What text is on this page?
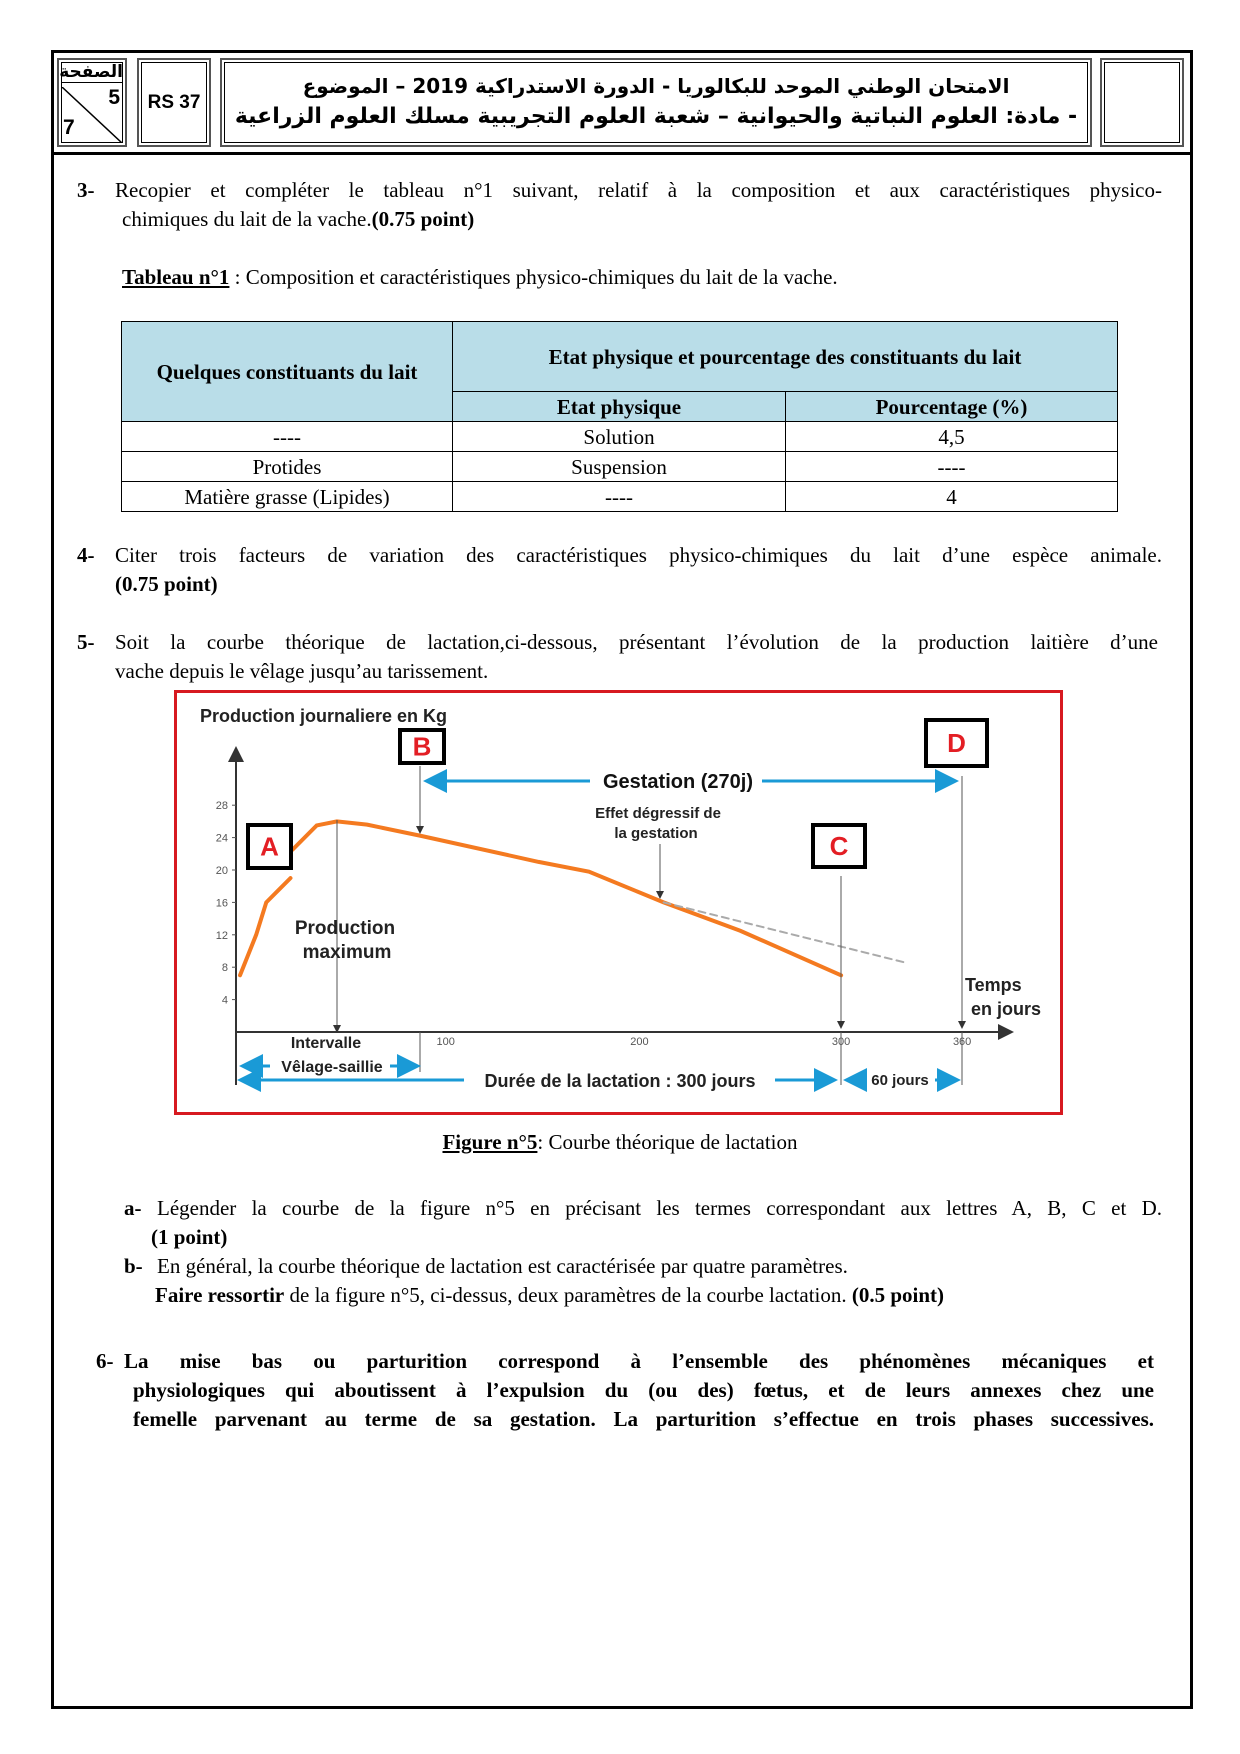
الصفحة
5
7
RS 37
الامتحان الوطني الموحد للبكالوريا - الدورة الاستدراكية 2019 – الموضوع
- مادة: العلوم النباتية والحيوانية – شعبة العلوم التجريبية مسلك العلوم الزراعية
3- Recopier et compléter le tableau n°1 suivant, relatif à la composition et aux caractéristiques physico-
chimiques du lait de la vache.(0.75 point)
Tableau n°1 : Composition et caractéristiques physico-chimiques du lait de la vache.
Quelques constituants du lait	Etat physique et pourcentage des constituants du lait	
	Etat physique	Pourcentage (%)
----	Solution	4,5
Protides	Suspension	----
Matière grasse (Lipides)	----	4
4- Citer trois facteurs de variation des caractéristiques physico-chimiques du lait d’une espèce animale.
(0.75 point)
5- Soit la courbe théorique de lactation,ci-dessous, présentant l’évolution de la production laitière d’une
vache depuis le vêlage jusqu’au tarissement.
Production journaliere en Kg
4
8
12
16
20
24
28
100	200	300	360
A
B
C
D
Gestation (270j)
Effet dégressif de
la gestation
Production
maximum
Temps
en jours
Intervalle
Vêlage-saillie
Durée de la lactation : 300 jours	60 jours
Figure n°5: Courbe théorique de lactation
a- Légender la courbe de la figure n°5 en précisant les termes correspondant aux lettres A, B, C et D.
(1 point)
b- En général, la courbe théorique de lactation est caractérisée par quatre paramètres.
Faire ressortir de la figure n°5, ci-dessus, deux paramètres de la courbe lactation. (0.5 point)
6- La mise bas ou parturition correspond à l’ensemble des phénomènes mécaniques et
physiologiques qui aboutissent à l’expulsion du (ou des) fœtus, et de leurs annexes chez une
femelle parvenant au terme de sa gestation. La parturition s’effectue en trois phases successives.
